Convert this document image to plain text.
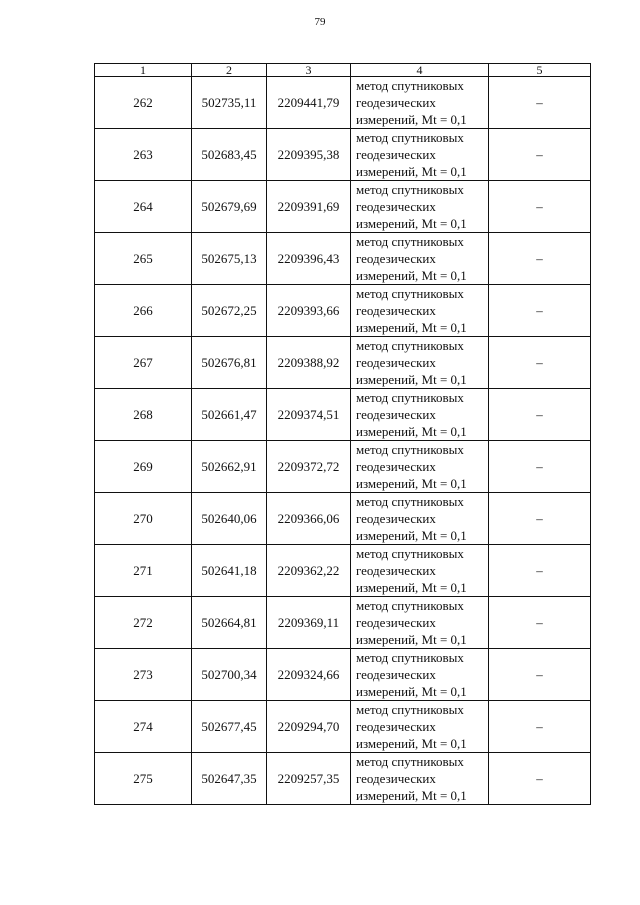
79
1	2	3	4	5
262	502735,11	2209441,79	метод спутниковых
геодезических
измерений, Mt = 0,1	–
263	502683,45	2209395,38	метод спутниковых
геодезических
измерений, Mt = 0,1	–
264	502679,69	2209391,69	метод спутниковых
геодезических
измерений, Mt = 0,1	–
265	502675,13	2209396,43	метод спутниковых
геодезических
измерений, Mt = 0,1	–
266	502672,25	2209393,66	метод спутниковых
геодезических
измерений, Mt = 0,1	–
267	502676,81	2209388,92	метод спутниковых
геодезических
измерений, Mt = 0,1	–
268	502661,47	2209374,51	метод спутниковых
геодезических
измерений, Mt = 0,1	–
269	502662,91	2209372,72	метод спутниковых
геодезических
измерений, Mt = 0,1	–
270	502640,06	2209366,06	метод спутниковых
геодезических
измерений, Mt = 0,1	–
271	502641,18	2209362,22	метод спутниковых
геодезических
измерений, Mt = 0,1	–
272	502664,81	2209369,11	метод спутниковых
геодезических
измерений, Mt = 0,1	–
273	502700,34	2209324,66	метод спутниковых
геодезических
измерений, Mt = 0,1	–
274	502677,45	2209294,70	метод спутниковых
геодезических
измерений, Mt = 0,1	–
275	502647,35	2209257,35	метод спутниковых
геодезических
измерений, Mt = 0,1	–
